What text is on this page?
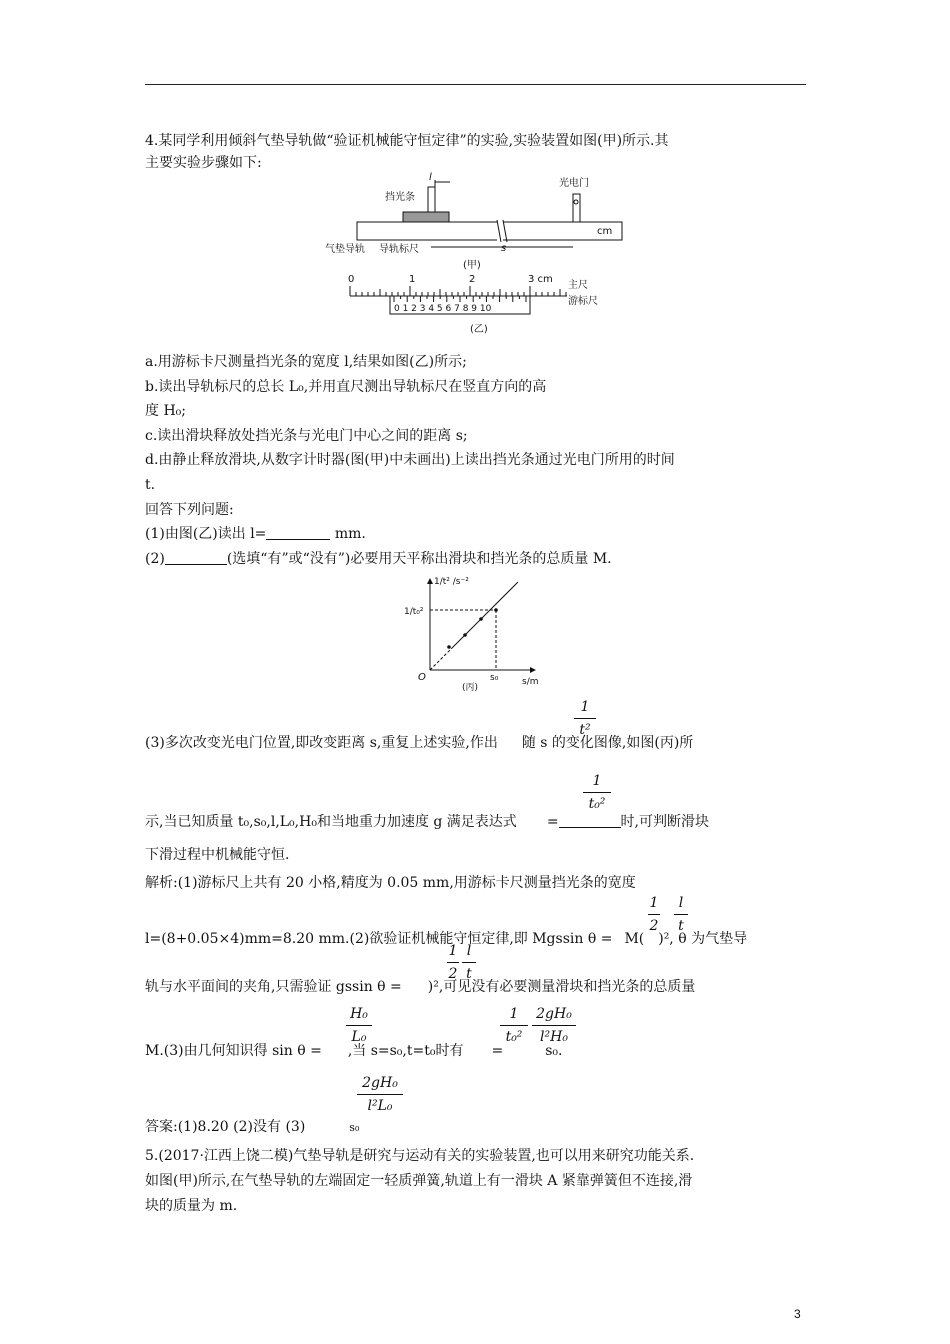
4.某同学利用倾斜气垫导轨做“验证机械能守恒定律”的实验,实验装置如图(甲)所示.其
主要实验步骤如下:
挡光条
l
光电门
cm
s
气垫导轨 导轨标尺
(甲)
0	1	2	3 cm
0 1 2 3 4 5 6 7 8 9 10
主尺
游标尺
(乙)
a.用游标卡尺测量挡光条的宽度 l,结果如图(乙)所示;
b.读出导轨标尺的总长 L₀,并用直尺测出导轨标尺在竖直方向的高
度 H₀;
c.读出滑块释放处挡光条与光电门中心之间的距离 s;
d.由静止释放滑块,从数字计时器(图(甲)中未画出)上读出挡光条通过光电门所用的时间
t.
回答下列问题:
(1)由图(乙)读出 l=	mm.
(2)	(选填“有”或“没有”)必要用天平称出滑块和挡光条的总质量 M.
1/t² /s⁻²
1/t₀²
O	s₀	s/m
(丙)
(3)多次改变光电门位置,即改变距离 s,重复上述实验,作出 随 s 的变化图像,如图(丙)所
1
t²
示,当已知质量 t₀,s₀,l,L₀,H₀和当地重力加速度 g 满足表达式 =	时,可判断滑块
1
t₀²
下滑过程中机械能守恒.
解析:(1)游标尺上共有 20 小格,精度为 0.05 mm,用游标卡尺测量挡光条的宽度
l=(8+0.05×4)mm=8.20 mm.(2)欲验证机械能守恒定律,即 Mgssin θ = M( )², θ 为气垫导
1
2
l
t
轨与水平面间的夹角,只需验证 gssin θ = )²,可见没有必要测量滑块和挡光条的总质量
1
2
l
t
M.(3)由几何知识得 sin θ = ,当 s=s₀,t=t₀时有 =	s₀.
H₀
L₀
1
t₀²
2gH₀
l²H₀
答案:(1)8.20 (2)没有 (3)	s₀
2gH₀
l²L₀
5.(2017·江西上饶二模)气垫导轨是研究与运动有关的实验装置,也可以用来研究功能关系.
如图(甲)所示,在气垫导轨的左端固定一轻质弹簧,轨道上有一滑块 A 紧靠弹簧但不连接,滑
块的质量为 m.
3
